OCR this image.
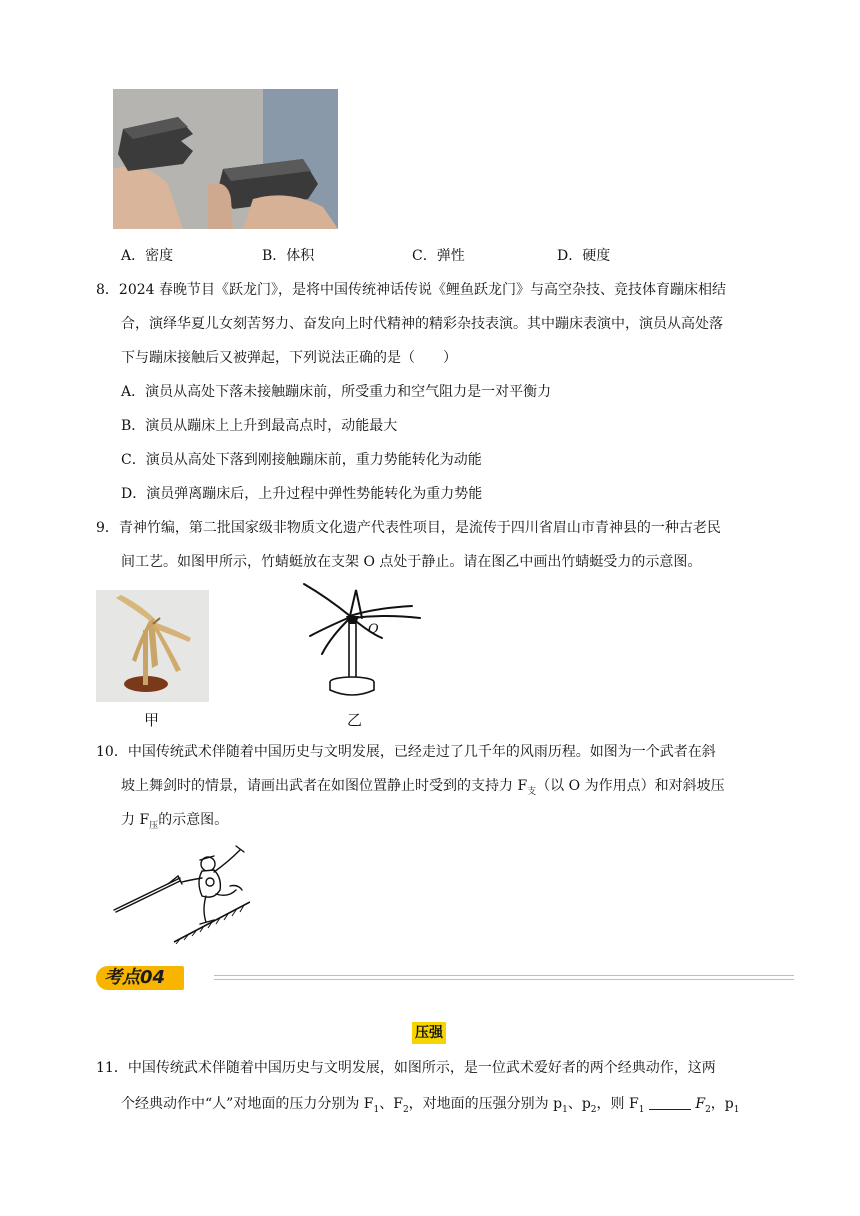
A．密度	B．体积	C．弹性	D．硬度
8．2024 春晚节目《跃龙门》，是将中国传统神话传说《鲤鱼跃龙门》与高空杂技、竞技体育蹦床相结
合，演绎华夏儿女刻苦努力、奋发向上时代精神的精彩杂技表演。其中蹦床表演中，演员从高处落
下与蹦床接触后又被弹起，下列说法正确的是（　　）
A．演员从高处下落未接触蹦床前，所受重力和空气阻力是一对平衡力
B．演员从蹦床上上升到最高点时，动能最大
C．演员从高处下落到刚接触蹦床前，重力势能转化为动能
D．演员弹离蹦床后，上升过程中弹性势能转化为重力势能
9．青神竹编，第二批国家级非物质文化遗产代表性项目，是流传于四川省眉山市青神县的一种古老民
间工艺。如图甲所示，竹蜻蜓放在支架 O 点处于静止。请在图乙中画出竹蜻蜓受力的示意图。
甲
O
乙
10．中国传统武术伴随着中国历史与文明发展，已经走过了几千年的风雨历程。如图为一个武者在斜
坡上舞剑时的情景，请画出武者在如图位置静止时受到的支持力 $F_支$（以 O 为作用点）和对斜坡压
力 $F_压$的示意图。
考点04
压强
11．中国传统武术伴随着中国历史与文明发展，如图所示，是一位武术爱好者的两个经典动作，这两
个经典动作中“人”对地面的压力分别为 $F_1$、$F_2$，对地面的压强分别为 $p_1$、$p_2$，则 $F_1$	$F_2$，$p_1$
